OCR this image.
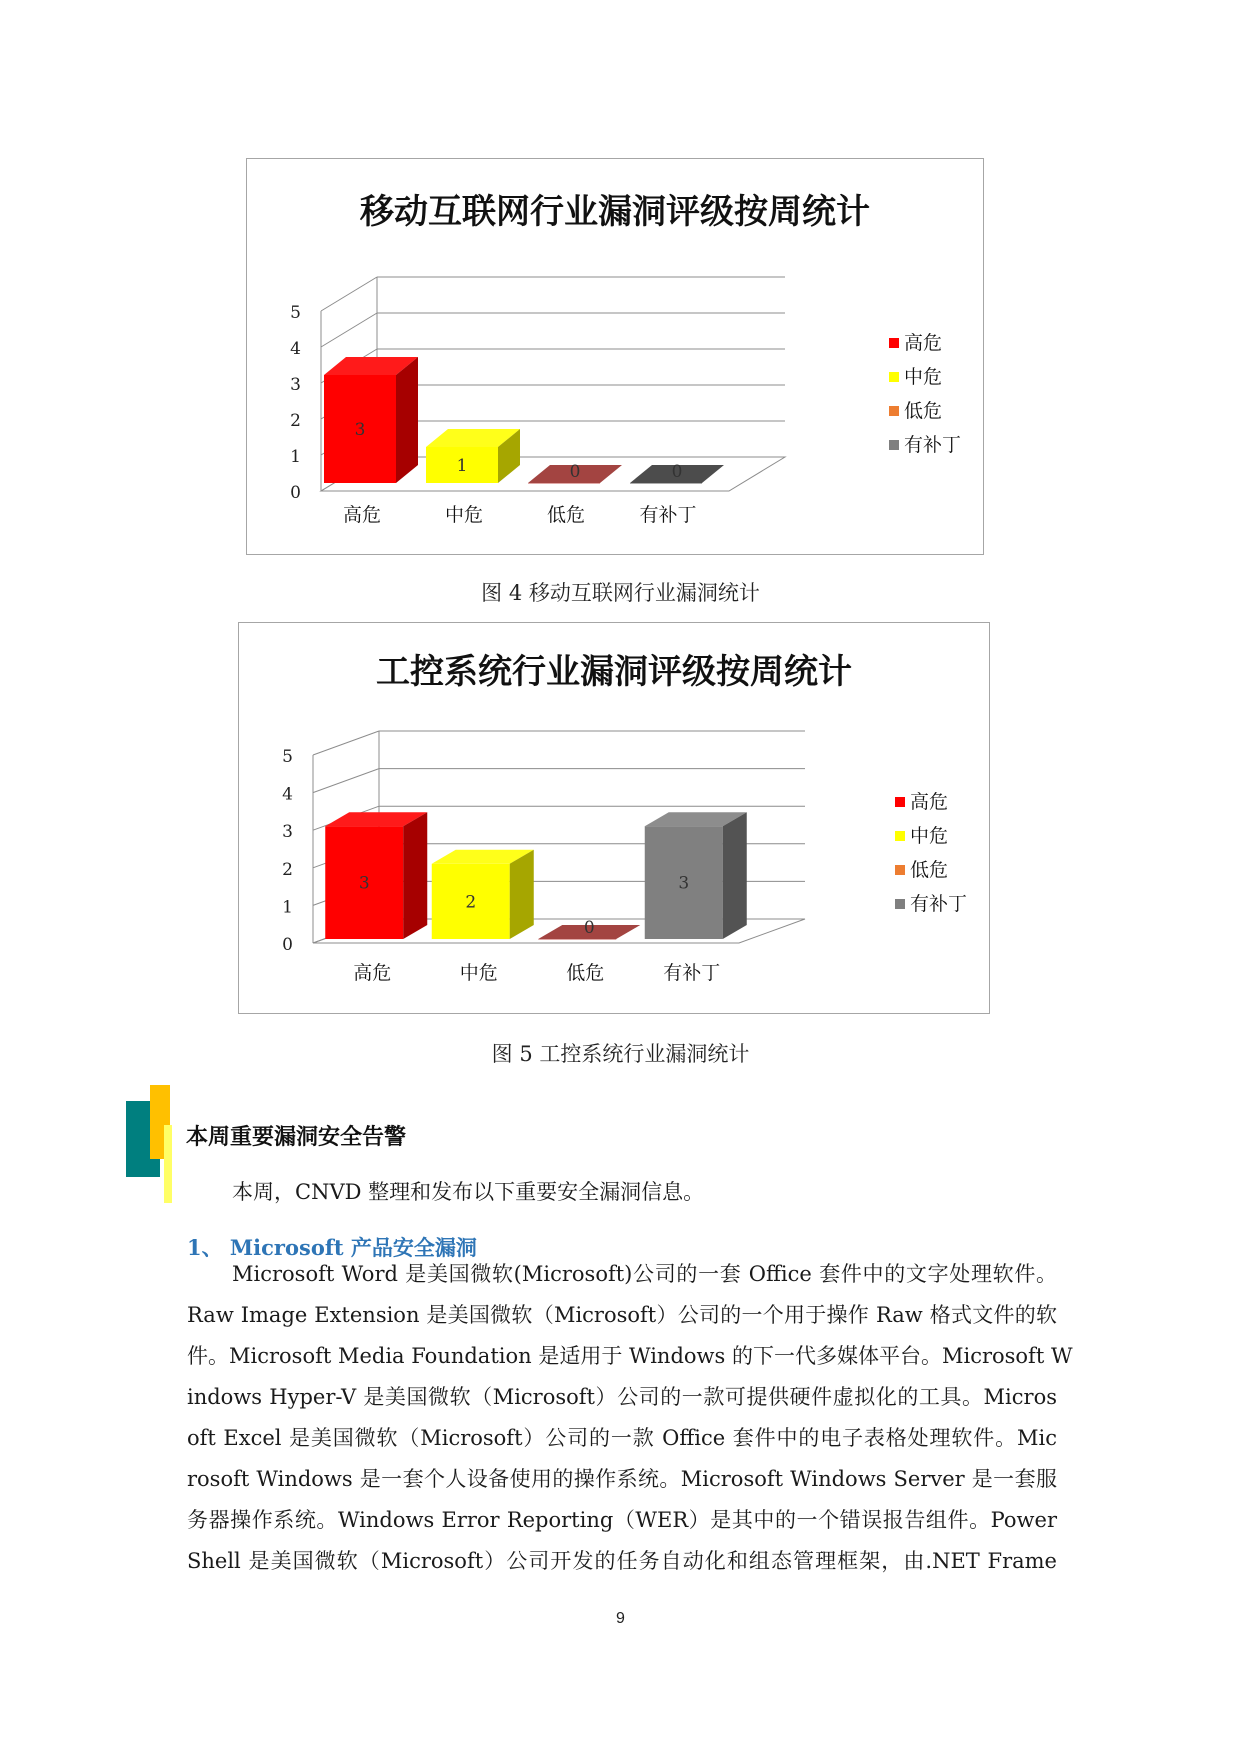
移动互联网行业漏洞评级按周统计
0
1
2
3
4
5
3
高危
1
中危
0
低危
0
有补丁
高危
中危
低危
有补丁
图 4 移动互联网行业漏洞统计
工控系统行业漏洞评级按周统计
0
1
2
3
4
5
3
高危
2
中危
0
低危
3
有补丁
高危
中危
低危
有补丁
图 5 工控系统行业漏洞统计
本周重要漏洞安全告警
本周，CNVD 整理和发布以下重要安全漏洞信息。
1、 Microsoft 产品安全漏洞
Microsoft Word 是美国微软(Microsoft)公司的一套 Office 套件中的文字处理软件。
Raw Image Extension 是美国微软（Microsoft）公司的一个用于操作 Raw 格式文件的软
件。Microsoft Media Foundation 是适用于 Windows 的下一代多媒体平台。Microsoft W
indows Hyper-V 是美国微软（Microsoft）公司的一款可提供硬件虚拟化的工具。Micros
oft Excel 是美国微软（Microsoft）公司的一款 Office 套件中的电子表格处理软件。Mic
rosoft Windows 是一套个人设备使用的操作系统。Microsoft Windows Server 是一套服
务器操作系统。Windows Error Reporting（WER）是其中的一个错误报告组件。Power
Shell 是美国微软（Microsoft）公司开发的任务自动化和组态管理框架，由.NET Frame
9
